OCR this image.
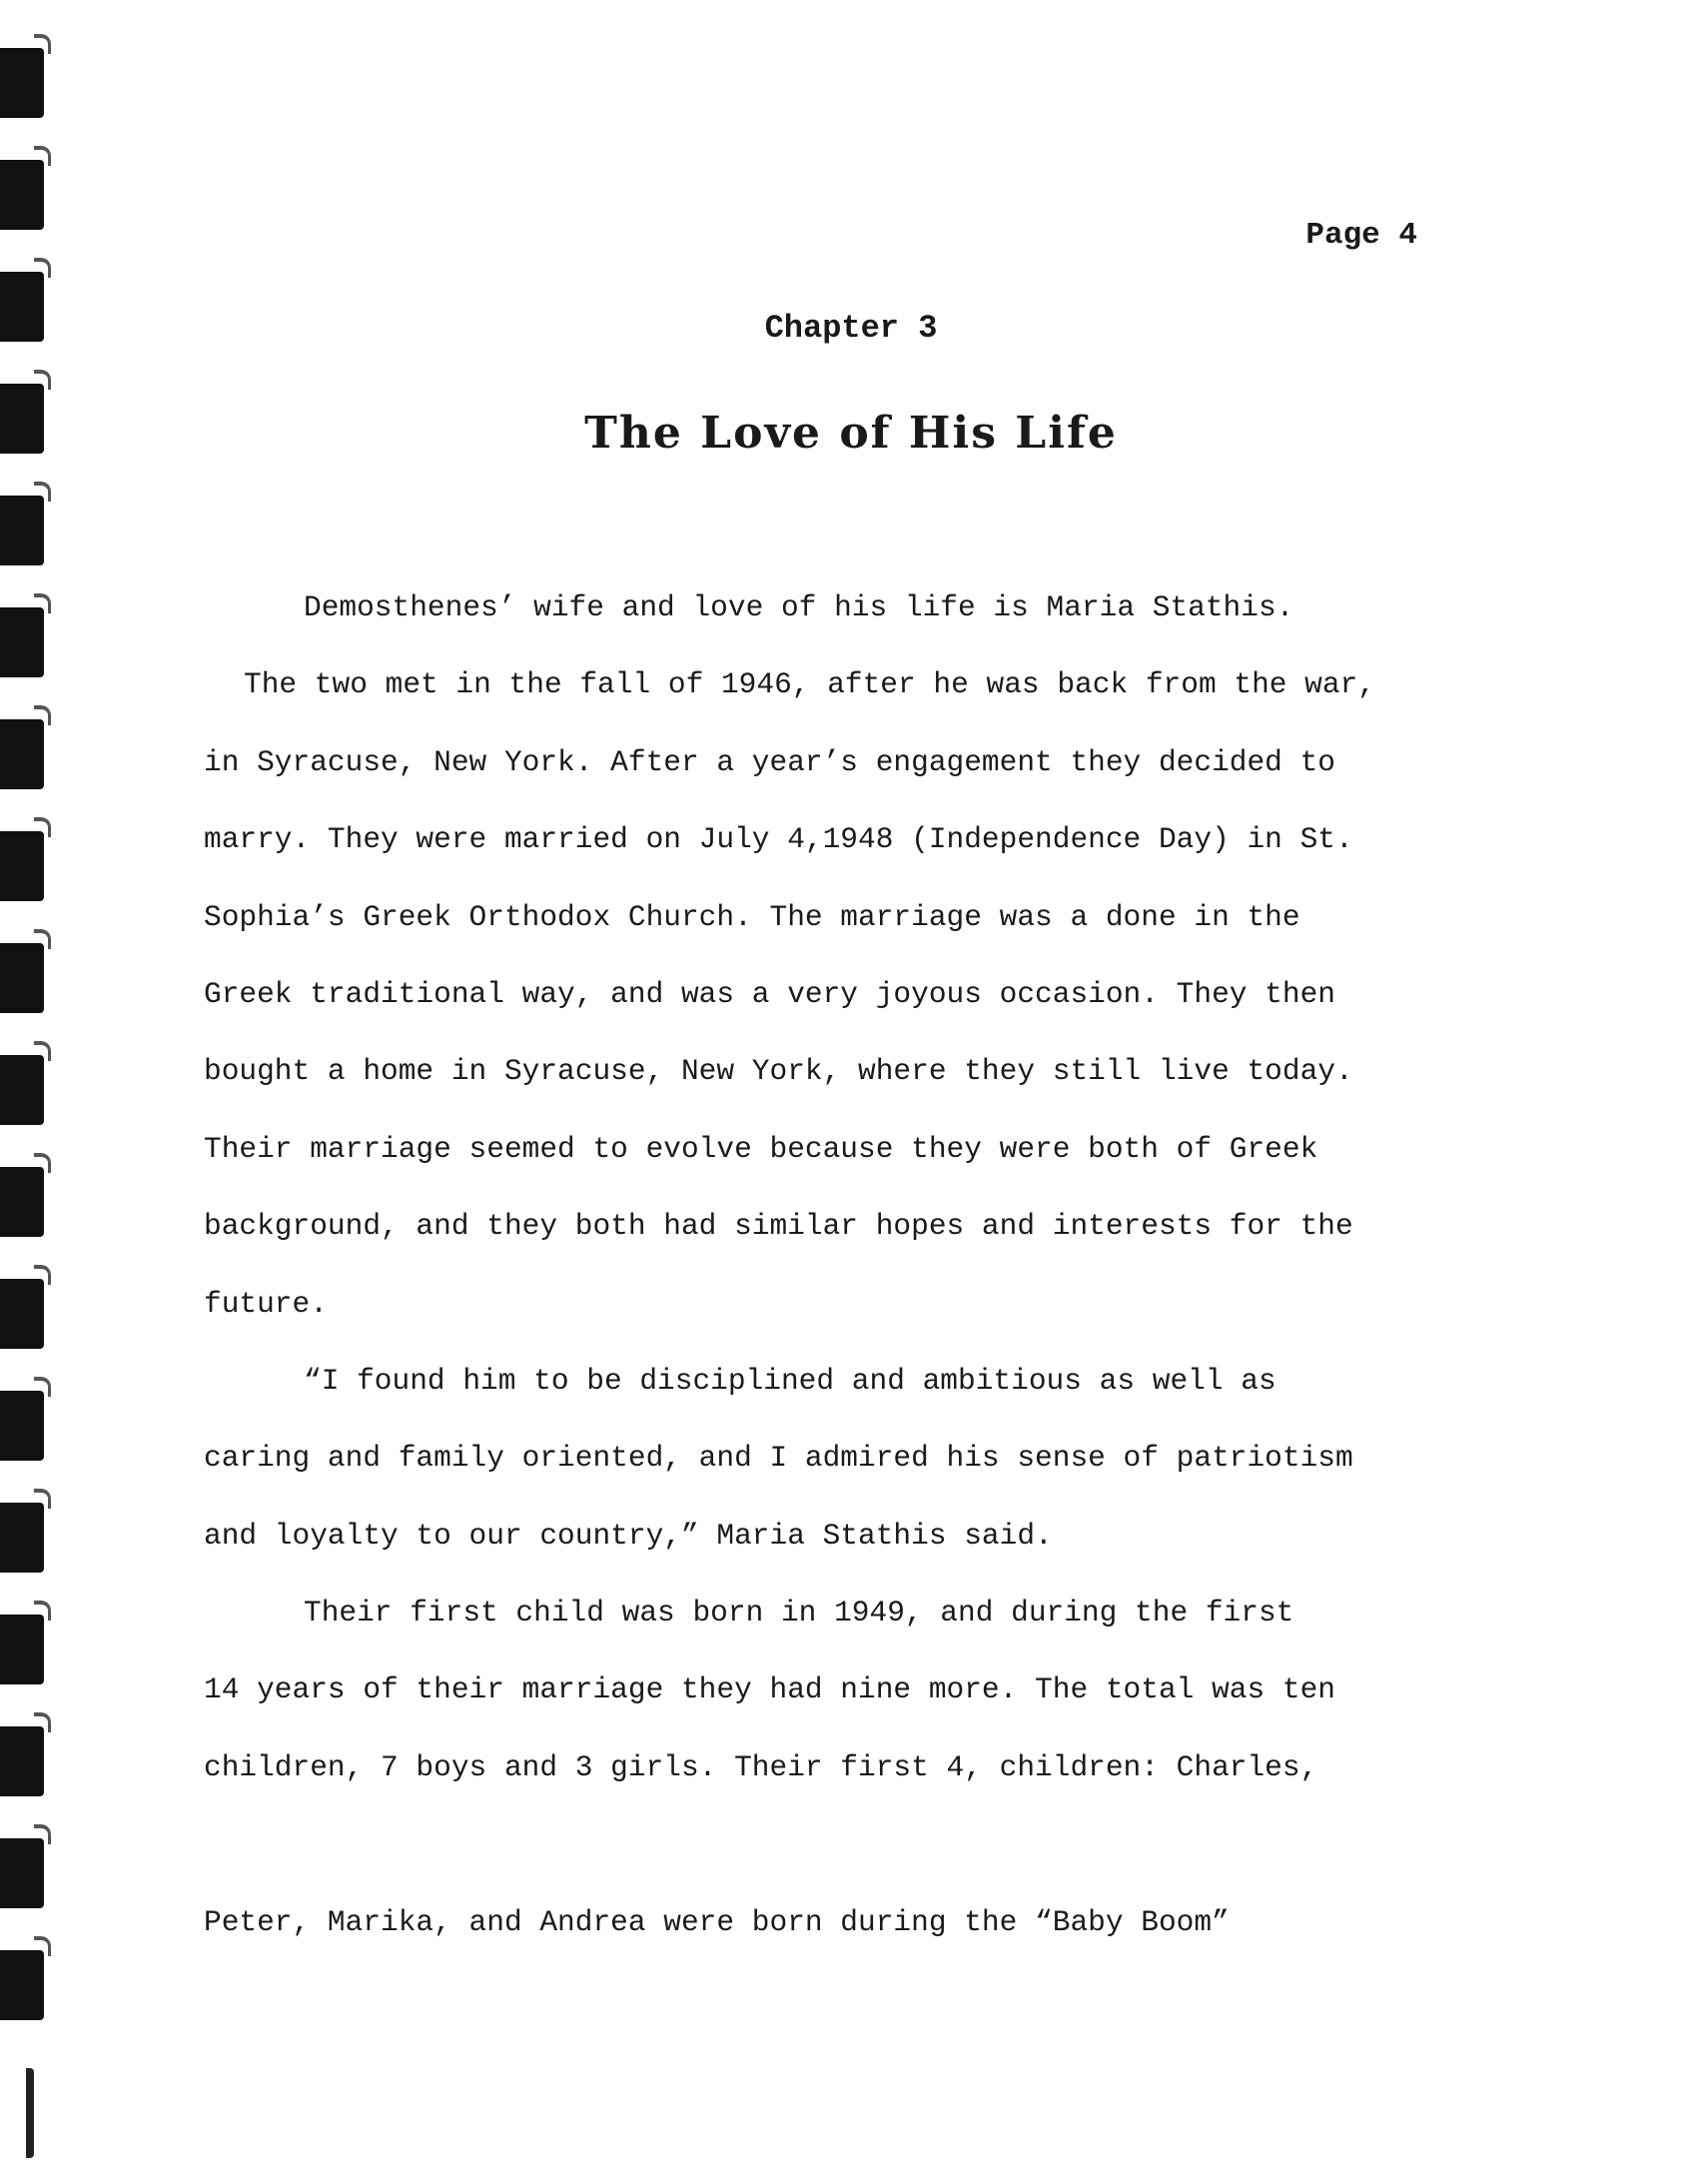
Page 4
Chapter 3
The Love of His Life
Demosthenes’ wife and love of his life is Maria Stathis.
The two met in the fall of 1946, after he was back from the war,
in Syracuse, New York. After a year’s engagement they decided to
marry. They were married on July 4,1948 (Independence Day) in St.
Sophia’s Greek Orthodox Church. The marriage was a done in the
Greek traditional way, and was a very joyous occasion. They then
bought a home in Syracuse, New York, where they still live today.
Their marriage seemed to evolve because they were both of Greek
background, and they both had similar hopes and interests for the
future.
“I found him to be disciplined and ambitious as well as
caring and family oriented, and I admired his sense of patriotism
and loyalty to our country,” Maria Stathis said.
Their first child was born in 1949, and during the first
14 years of their marriage they had nine more. The total was ten
children, 7 boys and 3 girls. Their first 4, children: Charles,
Peter, Marika, and Andrea were born during the “Baby Boom”
